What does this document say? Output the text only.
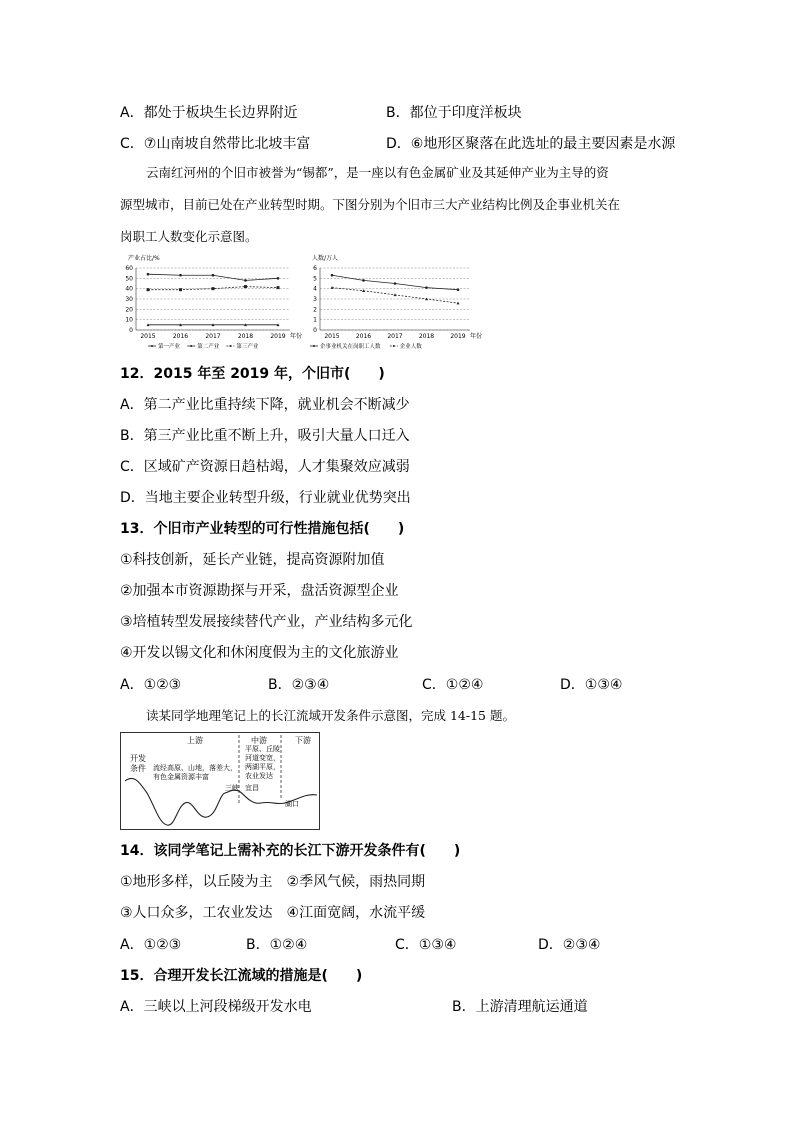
A．都处于板块生长边界附近	B．都位于印度洋板块
C．⑦山南坡自然带比北坡丰富	D．⑥地形区聚落在此选址的最主要因素是水源
云南红河州的个旧市被誉为“锡都”，是一座以有色金属矿业及其延伸产业为主导的资
源型城市，目前已处在产业转型时期。下图分别为个旧市三大产业结构比例及企事业机关在
岗职工人数变化示意图。
产业占比/%
0
10
20
30
40
50
60
2015	2016	2017	2018	2019 年份
第一产业	第二产业	第三产业
人数/万人
0
1
2
3
4
5
6
2015	2016	2017	2018	2019 年份
企事业机关在岗职工人数	企业人数
12．2015 年至 2019 年，个旧市(　　)
A．第二产业比重持续下降，就业机会不断减少
B．第三产业比重不断上升，吸引大量人口迁入
C．区域矿产资源日趋枯竭，人才集聚效应减弱
D．当地主要企业转型升级，行业就业优势突出
13．个旧市产业转型的可行性措施包括(　　)
①科技创新，延长产业链，提高资源附加值
②加强本市资源勘探与开采，盘活资源型企业
③培植转型发展接续替代产业，产业结构多元化
④开发以锡文化和休闲度假为主的文化旅游业
A．①②③	B．②③④	C．①②④	D．①③④
读某同学地理笔记上的长江流域开发条件示意图，完成 14-15 题。
上游	中游	下游
开发
条件 流经高原、山地，落差大，
有色金属资源丰富
平原、丘陵
河道变宽，
两湖平原，
农业发达
三峡 宜昌
湖口
14．该同学笔记上需补充的长江下游开发条件有(　　)
①地形多样，以丘陵为主　②季风气候，雨热同期
③人口众多，工农业发达　④江面宽阔，水流平缓
A．①②③	B．①②④	C．①③④	D．②③④
15．合理开发长江流域的措施是(　　)
A．三峡以上河段梯级开发水电	B．上游清理航运通道
